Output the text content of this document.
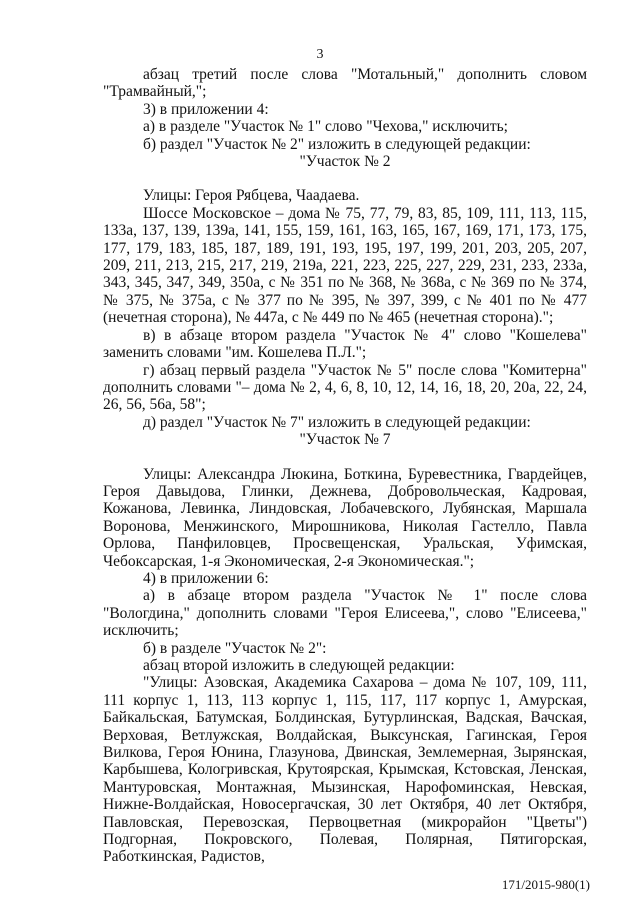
3

абзац третий после слова "Мотальный," дополнить словом "Трамвайный,";

3) в приложении 4:

а) в разделе "Участок № 1" слово "Чехова," исключить;

б) раздел "Участок № 2" изложить в следующей редакции:

"Участок № 2

Улицы: Героя Рябцева, Чаадаева.

Шоссе Московское – дома № 75, 77, 79, 83, 85, 109, 111, 113, 115, 133а, 137, 139, 139а, 141, 155, 159, 161, 163, 165, 167, 169, 171, 173, 175, 177, 179, 183, 185, 187, 189, 191, 193, 195, 197, 199, 201, 203, 205, 207, 209, 211, 213, 215, 217, 219, 219а, 221, 223, 225, 227, 229, 231, 233, 233а, 343, 345, 347, 349, 350а, с № 351 по № 368, № 368а, с № 369 по № 374, № 375, № 375а, с № 377 по № 395, № 397, 399, с № 401 по № 477 (нечетная сторона), № 447а, с № 449 по № 465 (нечетная сторона).";

в) в абзаце втором раздела "Участок № 4" слово "Кошелева" заменить словами "им. Кошелева П.Л.";

г) абзац первый раздела "Участок № 5" после слова "Комитерна" дополнить словами "– дома № 2, 4, 6, 8, 10, 12, 14, 16, 18, 20, 20а, 22, 24, 26, 56, 56а, 58";

д) раздел "Участок № 7" изложить в следующей редакции:

"Участок № 7

Улицы: Александра Люкина, Боткина, Буревестника, Гвардейцев, Героя Давыдова, Глинки, Дежнева, Добровольческая, Кадровая, Кожанова, Левинка, Линдовская, Лобачевского, Лубянская, Маршала Воронова, Менжинского, Мирошникова, Николая Гастелло, Павла Орлова, Панфиловцев, Просвещенская, Уральская, Уфимская, Чебоксарская, 1-я Экономическая, 2-я Экономическая.";

4) в приложении 6:

а) в абзаце втором раздела "Участок № 1" после слова "Вологдина," дополнить словами "Героя Елисеева,", слово "Елисеева," исключить;

б) в разделе "Участок № 2":

абзац второй изложить в следующей редакции:

"Улицы: Азовская, Академика Сахарова – дома № 107, 109, 111, 111 корпус 1, 113, 113 корпус 1, 115, 117, 117 корпус 1, Амурская, Байкальская, Батумская, Болдинская, Бутурлинская, Вадская, Вачская, Верховая, Ветлужская, Волдайская, Выксунская, Гагинская, Героя Вилкова, Героя Юнина, Глазунова, Двинская, Землемерная, Зырянская, Карбышева, Кологривская, Крутоярская, Крымская, Кстовская, Ленская, Мантуровская, Монтажная, Мызинская, Нарофоминская, Невская, Нижне-Волдайская, Новосергачская, 30 лет Октября, 40 лет Октября, Павловская, Перевозская, Первоцветная (микрорайон "Цветы") Подгорная, Покровского, Полевая, Полярная, Пятигорская, Работкинская, Радистов,

171/2015-980(1)
